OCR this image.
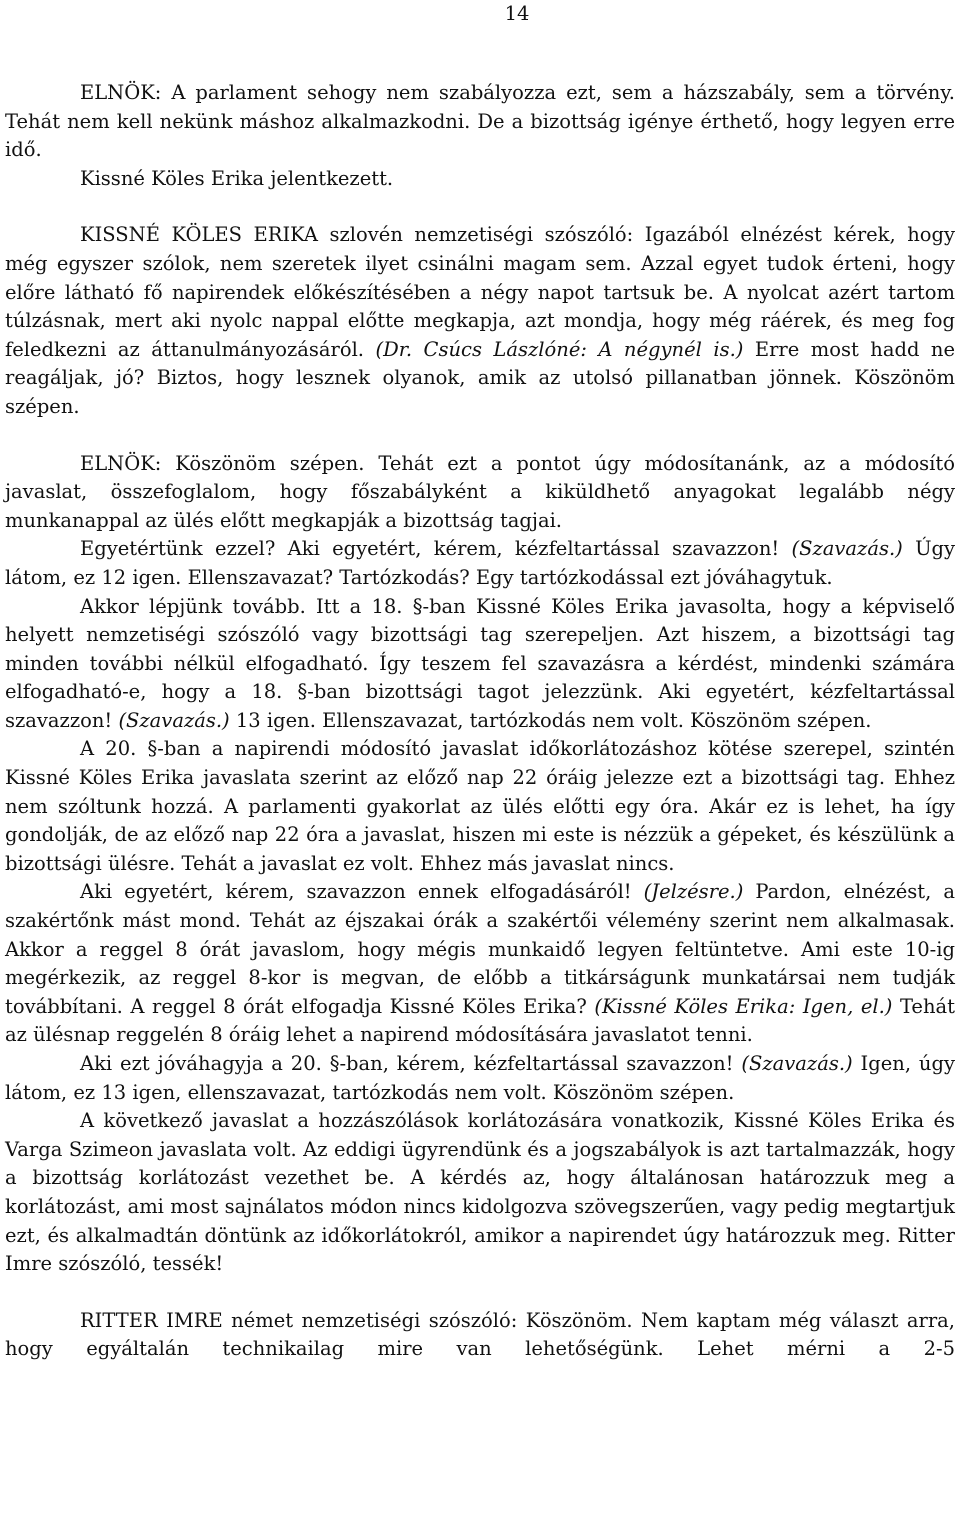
14

ELNÖK: A parlament sehogy nem szabályozza ezt, sem a házszabály, sem a törvény. Tehát nem kell nekünk máshoz alkalmazkodni. De a bizottság igénye érthető, hogy legyen erre idő.

Kissné Köles Erika jelentkezett.

KISSNÉ KÖLES ERIKA szlovén nemzetiségi szószóló: Igazából elnézést kérek, hogy még egyszer szólok, nem szeretek ilyet csinálni magam sem. Azzal egyet tudok érteni, hogy előre látható fő napirendek előkészítésében a négy napot tartsuk be. A nyolcat azért tartom túlzásnak, mert aki nyolc nappal előtte megkapja, azt mondja, hogy még ráérek, és meg fog feledkezni az áttanulmányozásáról. (Dr. Csúcs Lászlóné: A négynél is.) Erre most hadd ne reagáljak, jó? Biztos, hogy lesznek olyanok, amik az utolsó pillanatban jönnek. Köszönöm szépen.

ELNÖK: Köszönöm szépen. Tehát ezt a pontot úgy módosítanánk, az a módosító javaslat, összefoglalom, hogy főszabályként a kiküldhető anyagokat legalább négy munkanappal az ülés előtt megkapják a bizottság tagjai.

Egyetértünk ezzel? Aki egyetért, kérem, kézfeltartással szavazzon! (Szavazás.) Úgy látom, ez 12 igen. Ellenszavazat? Tartózkodás? Egy tartózkodással ezt jóváhagytuk.

Akkor lépjünk tovább. Itt a 18. §-ban Kissné Köles Erika javasolta, hogy a képviselő helyett nemzetiségi szószóló vagy bizottsági tag szerepeljen. Azt hiszem, a bizottsági tag minden további nélkül elfogadható. Így teszem fel szavazásra a kérdést, mindenki számára elfogadható-e, hogy a 18. §-ban bizottsági tagot jelezzünk. Aki egyetért, kézfeltartással szavazzon! (Szavazás.) 13 igen. Ellenszavazat, tartózkodás nem volt. Köszönöm szépen.

A 20. §-ban a napirendi módosító javaslat időkorlátozáshoz kötése szerepel, szintén Kissné Köles Erika javaslata szerint az előző nap 22 óráig jelezze ezt a bizottsági tag. Ehhez nem szóltunk hozzá. A parlamenti gyakorlat az ülés előtti egy óra. Akár ez is lehet, ha így gondolják, de az előző nap 22 óra a javaslat, hiszen mi este is nézzük a gépeket, és készülünk a bizottsági ülésre. Tehát a javaslat ez volt. Ehhez más javaslat nincs.

Aki egyetért, kérem, szavazzon ennek elfogadásáról! (Jelzésre.) Pardon, elnézést, a szakértőnk mást mond. Tehát az éjszakai órák a szakértői vélemény szerint nem alkalmasak. Akkor a reggel 8 órát javaslom, hogy mégis munkaidő legyen feltüntetve. Ami este 10-ig megérkezik, az reggel 8-kor is megvan, de előbb a titkárságunk munkatársai nem tudják továbbítani. A reggel 8 órát elfogadja Kissné Köles Erika? (Kissné Köles Erika: Igen, el.) Tehát az ülésnap reggelén 8 óráig lehet a napirend módosítására javaslatot tenni.

Aki ezt jóváhagyja a 20. §-ban, kérem, kézfeltartással szavazzon! (Szavazás.) Igen, úgy látom, ez 13 igen, ellenszavazat, tartózkodás nem volt. Köszönöm szépen.

A következő javaslat a hozzászólások korlátozására vonatkozik, Kissné Köles Erika és Varga Szimeon javaslata volt. Az eddigi ügyrendünk és a jogszabályok is azt tartalmazzák, hogy a bizottság korlátozást vezethet be. A kérdés az, hogy általánosan határozzuk meg a korlátozást, ami most sajnálatos módon nincs kidolgozva szövegszerűen, vagy pedig megtartjuk ezt, és alkalmadtán döntünk az időkorlátokról, amikor a napirendet úgy határozzuk meg. Ritter Imre szószóló, tessék!

RITTER IMRE német nemzetiségi szószóló: Köszönöm. Nem kaptam még választ arra, hogy egyáltalán technikailag mire van lehetőségünk. Lehet mérni a 2-5
